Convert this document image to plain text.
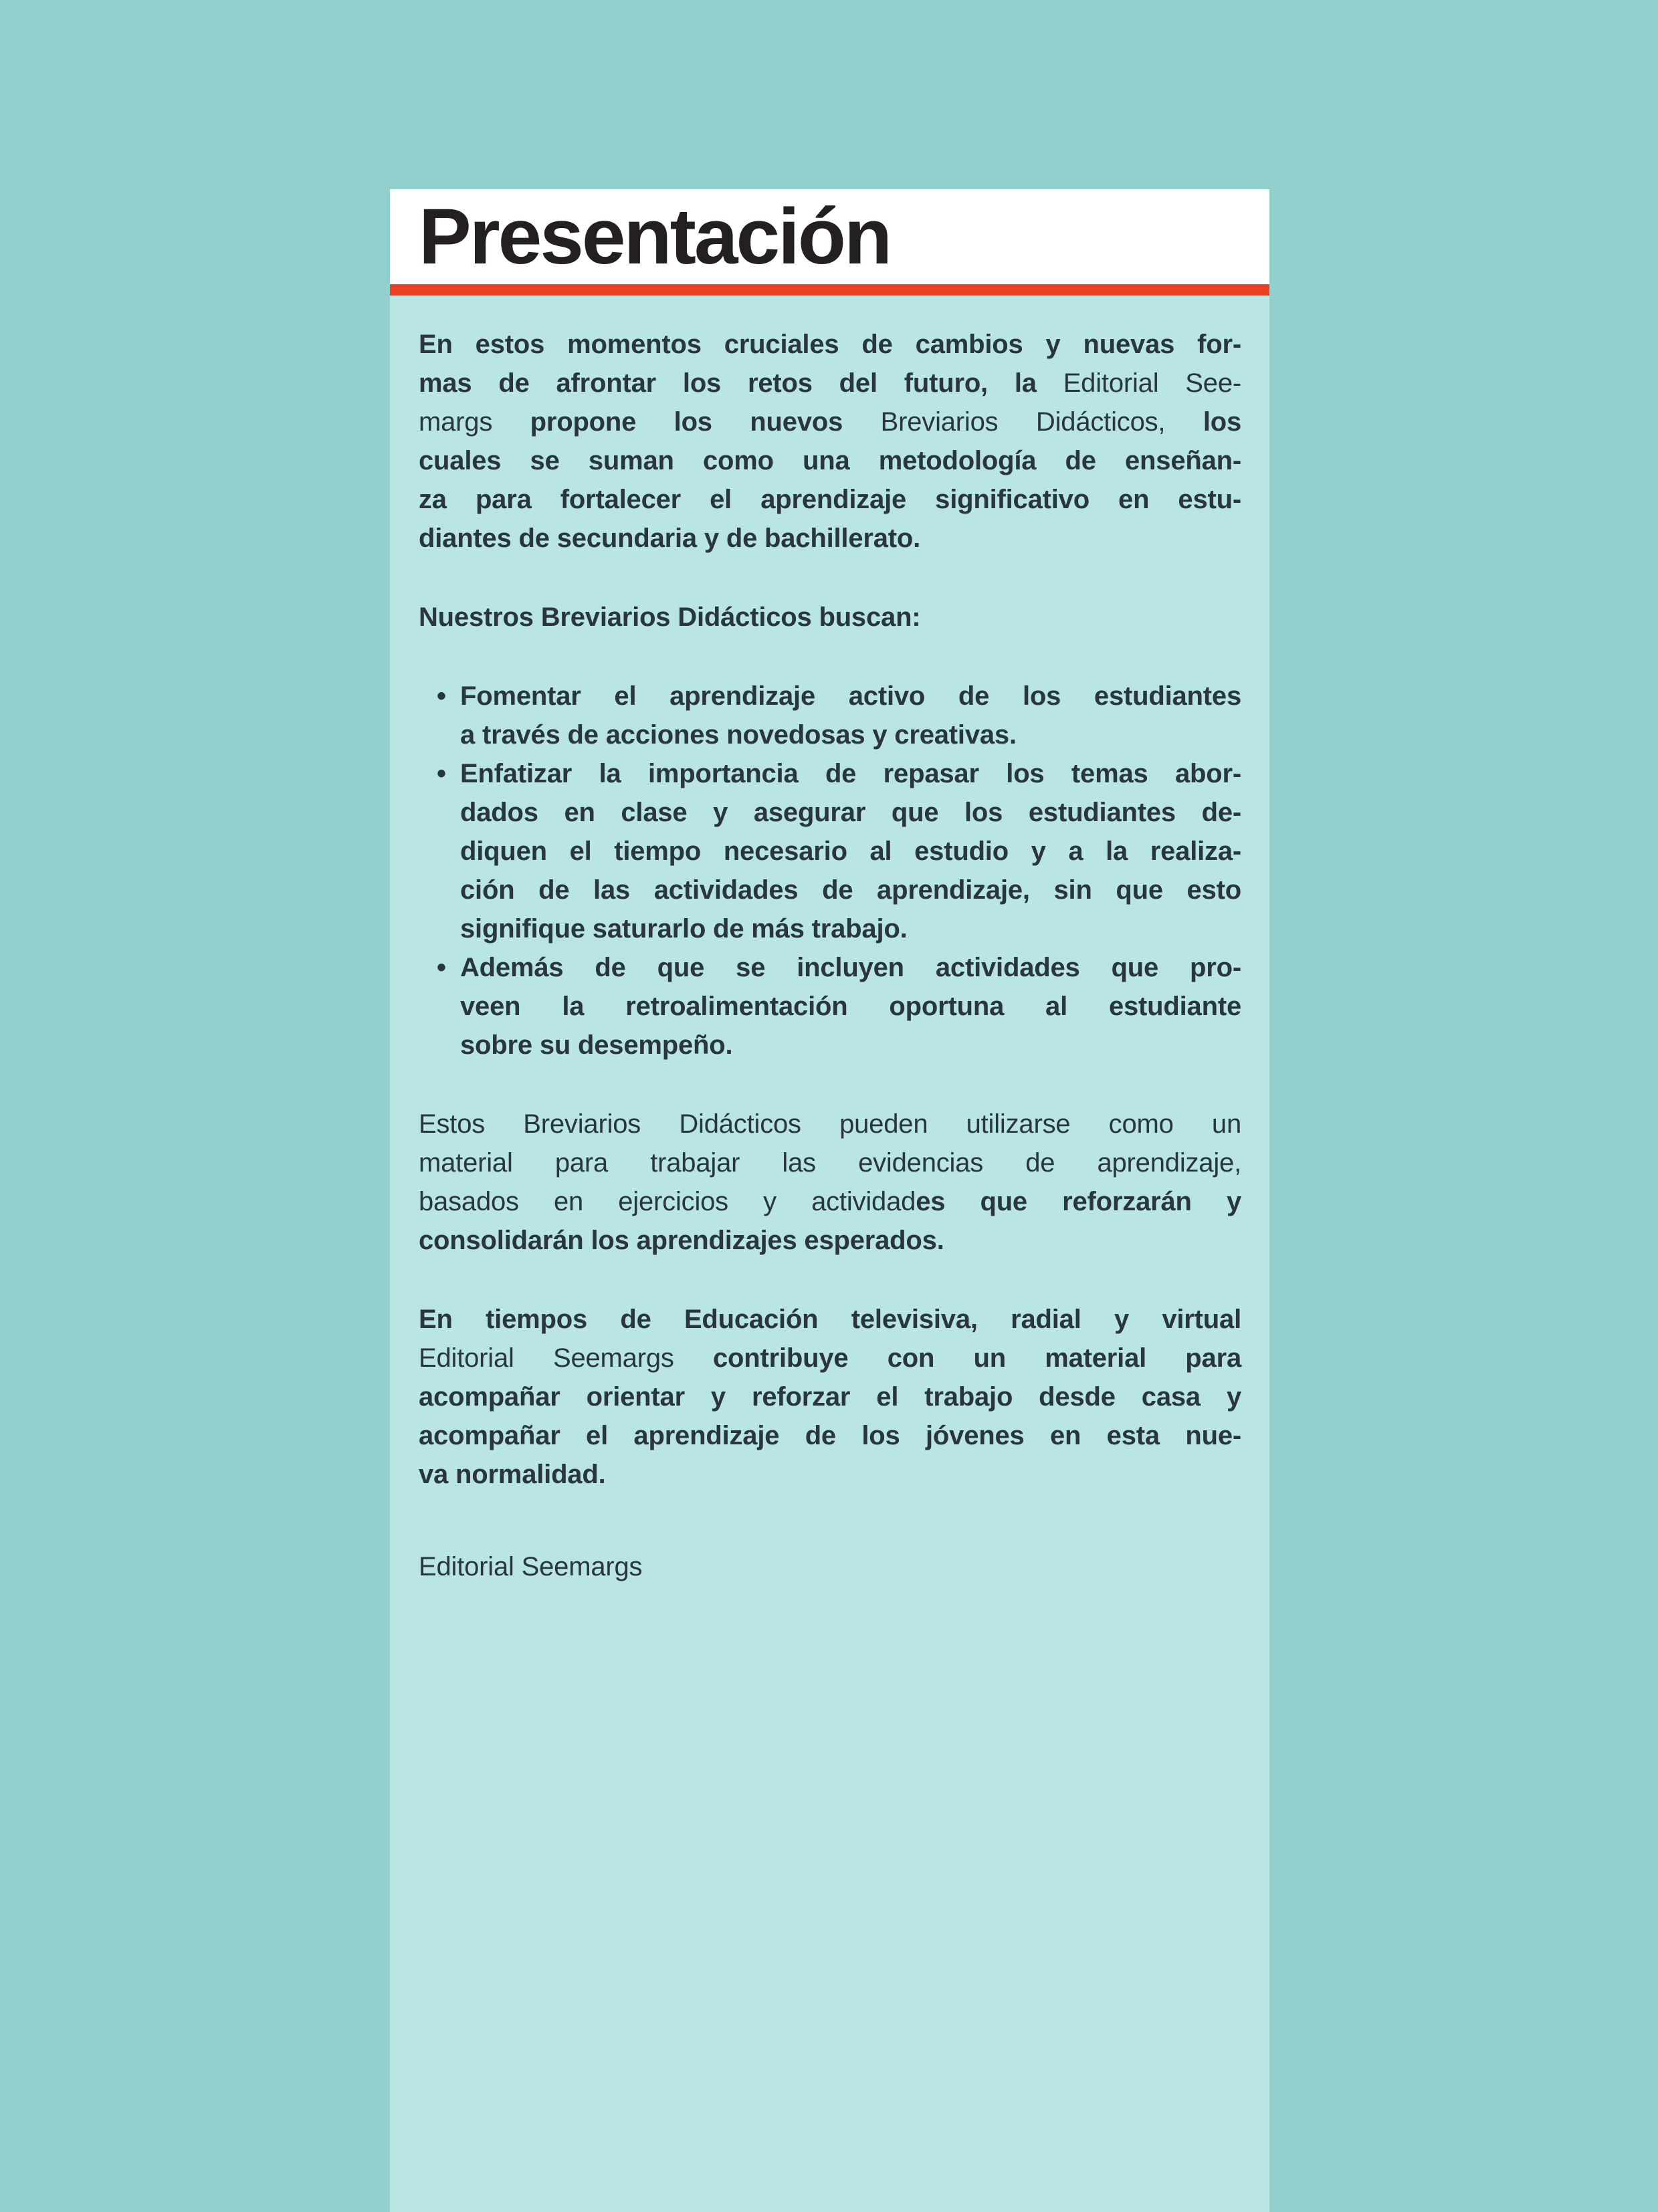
Presentación
En estos momentos cruciales de cambios y nuevas for-
mas de afrontar los retos del futuro, la Editorial See-
margs propone los nuevos Breviarios Didácticos, los
cuales se suman como una metodología de enseñan-
za para fortalecer el aprendizaje significativo en estu-
diantes de secundaria y de bachillerato.
Nuestros Breviarios Didácticos buscan:
• Fomentar el aprendizaje activo de los estudiantes
a través de acciones novedosas y creativas.
• Enfatizar la importancia de repasar los temas abor-
dados en clase y asegurar que los estudiantes de-
diquen el tiempo necesario al estudio y a la realiza-
ción de las actividades de aprendizaje, sin que esto
signifique saturarlo de más trabajo.
• Además de que se incluyen actividades que pro-
veen la retroalimentación oportuna al estudiante
sobre su desempeño.
Estos Breviarios Didácticos pueden utilizarse como un
material para trabajar las evidencias de aprendizaje,
basados en ejercicios y actividades que reforzarán y
consolidarán los aprendizajes esperados.
En tiempos de Educación televisiva, radial y virtual
Editorial Seemargs contribuye con un material para
acompañar orientar y reforzar el trabajo desde casa y
acompañar el aprendizaje de los jóvenes en esta nue-
va normalidad.
Editorial Seemargs
